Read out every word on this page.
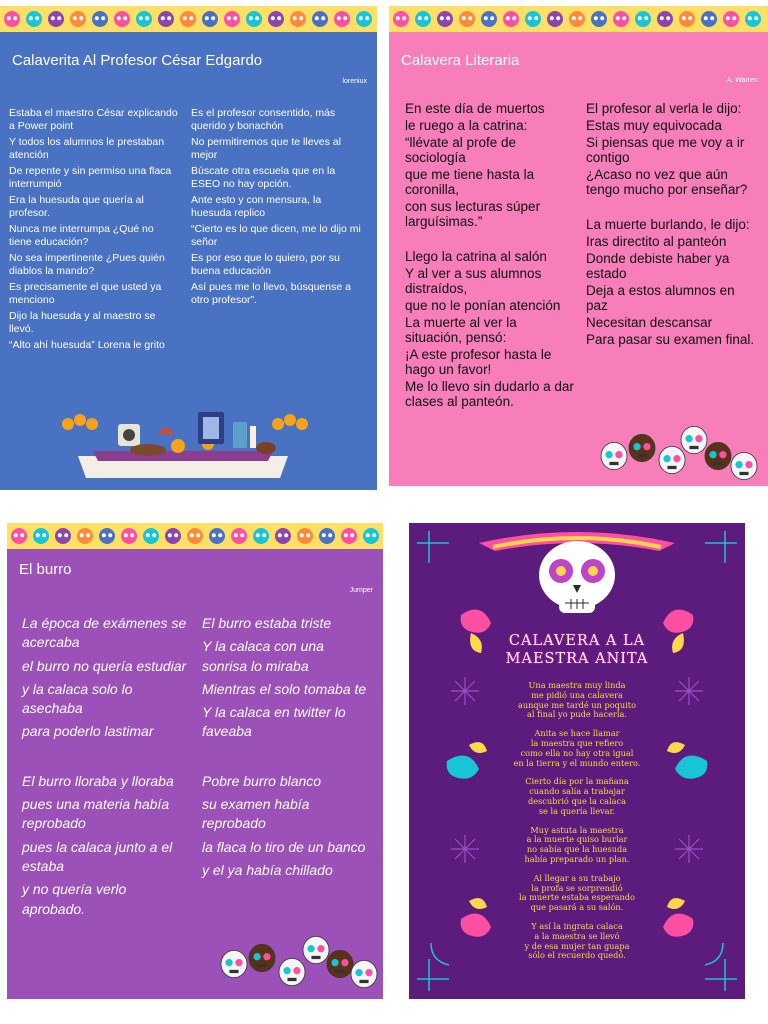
Calaverita Al Profesor César Edgardo
loreniux
Estaba el maestro César explicando a Power point
Y todos los alumnos le prestaban atención
De repente y sin permiso una flaca interrumpió
Era la huesuda que quería al profesor.
Nunca me interrumpa ¿Qué no tiene educación?
No sea impertinente ¿Pues quién diablos la mando?
Es precisamente el que usted ya menciono
Dijo la huesuda y al maestro se llevó.
“Alto ahí huesuda” Lorena le grito
Es el profesor consentido, más querido y bonachón
No permitiremos que te lleves al mejor
Búscate otra escuela que en la ESEO no hay opción.
Ante esto y con mensura, la huesuda replico
“Cierto es lo que dicen, me lo dijo mi señor
Es por eso que lo quiero, por su buena educación
Así pues me lo llevo, búsquense a otro profesor”.
Calavera Literaria
A. Warren
En este día de muertos
le ruego a la catrina:
“llévate al profe de sociología
que me tiene hasta la coronilla,
con sus lecturas súper larguísimas.”
Llego la catrina al salón
Y al ver a sus alumnos distraídos,
que no le ponían atención
La muerte al ver la situación, pensó:
¡A este profesor hasta le hago un favor!
Me lo llevo sin dudarlo a dar clases al panteón.
El profesor al verla le dijo:
Estas muy equivocada
Si piensas que me voy a ir contigo
¿Acaso no vez que aún tengo mucho por enseñar?
La muerte burlando, le dijo:
Iras directito al panteón
Donde debiste haber ya estado
Deja a estos alumnos en paz
Necesitan descansar
Para pasar su examen final.
El burro
Jumper
La época de exámenes se acercaba
el burro no quería estudiar
y la calaca solo lo asechaba
para poderlo lastimar
El burro lloraba y lloraba
pues una materia había reprobado
pues la calaca junto a el estaba
y no quería verlo aprobado.
El burro estaba triste
Y la calaca con una sonrisa lo miraba
Mientras el solo tomaba te
Y la calaca en twitter lo faveaba
Pobre burro blanco
su examen había reprobado
la flaca lo tiro de un banco
y el ya había chillado
CALAVERA A LA
MAESTRA ANITA
Una maestra muy linda
me pidió una calavera
aunque me tardé un poquito
al final yo pude hacerla.
Anita se hace llamar
la maestra que refiero
como ella no hay otra igual
en la tierra y el mundo entero.
Cierto día por la mañana
cuando salía a trabajar
descubrió que la calaca
se la quería llevar.
Muy astuta la maestra
a la muerte quiso burlar
no sabía que la huesuda
había preparado un plan.
Al llegar a su trabajo
la profa se sorprendió
la muerte estaba esperando
que pasará a su salón.
Y así la ingrata calaca
a la maestra se llevó
y de esa mujer tan guapa
sólo el recuerdo quedó.
